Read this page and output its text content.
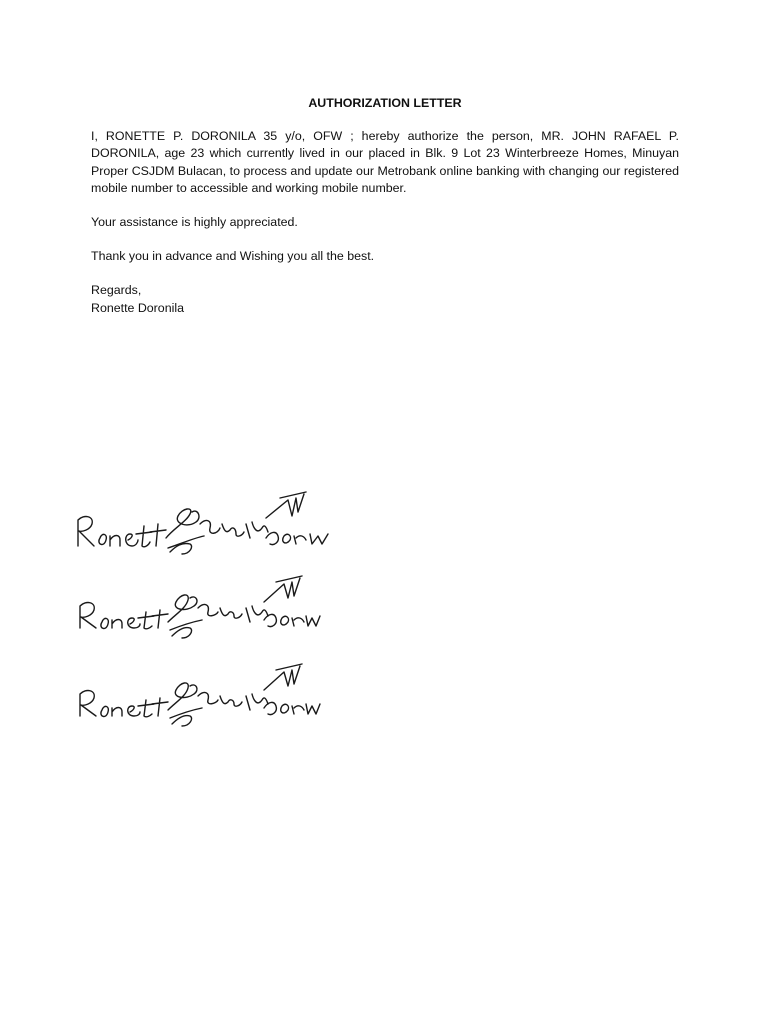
AUTHORIZATION LETTER
I, RONETTE P. DORONILA 35 y/o, OFW ; hereby authorize the person, MR. JOHN RAFAEL P. DORONILA, age 23 which currently lived in our placed in Blk. 9 Lot 23 Winterbreeze Homes, Minuyan Proper CSJDM Bulacan, to process and update our Metrobank online banking with changing our registered mobile number to accessible and working mobile number.
Your assistance is highly appreciated.
Thank you in advance and Wishing you all the best.
Regards,
Ronette Doronila
